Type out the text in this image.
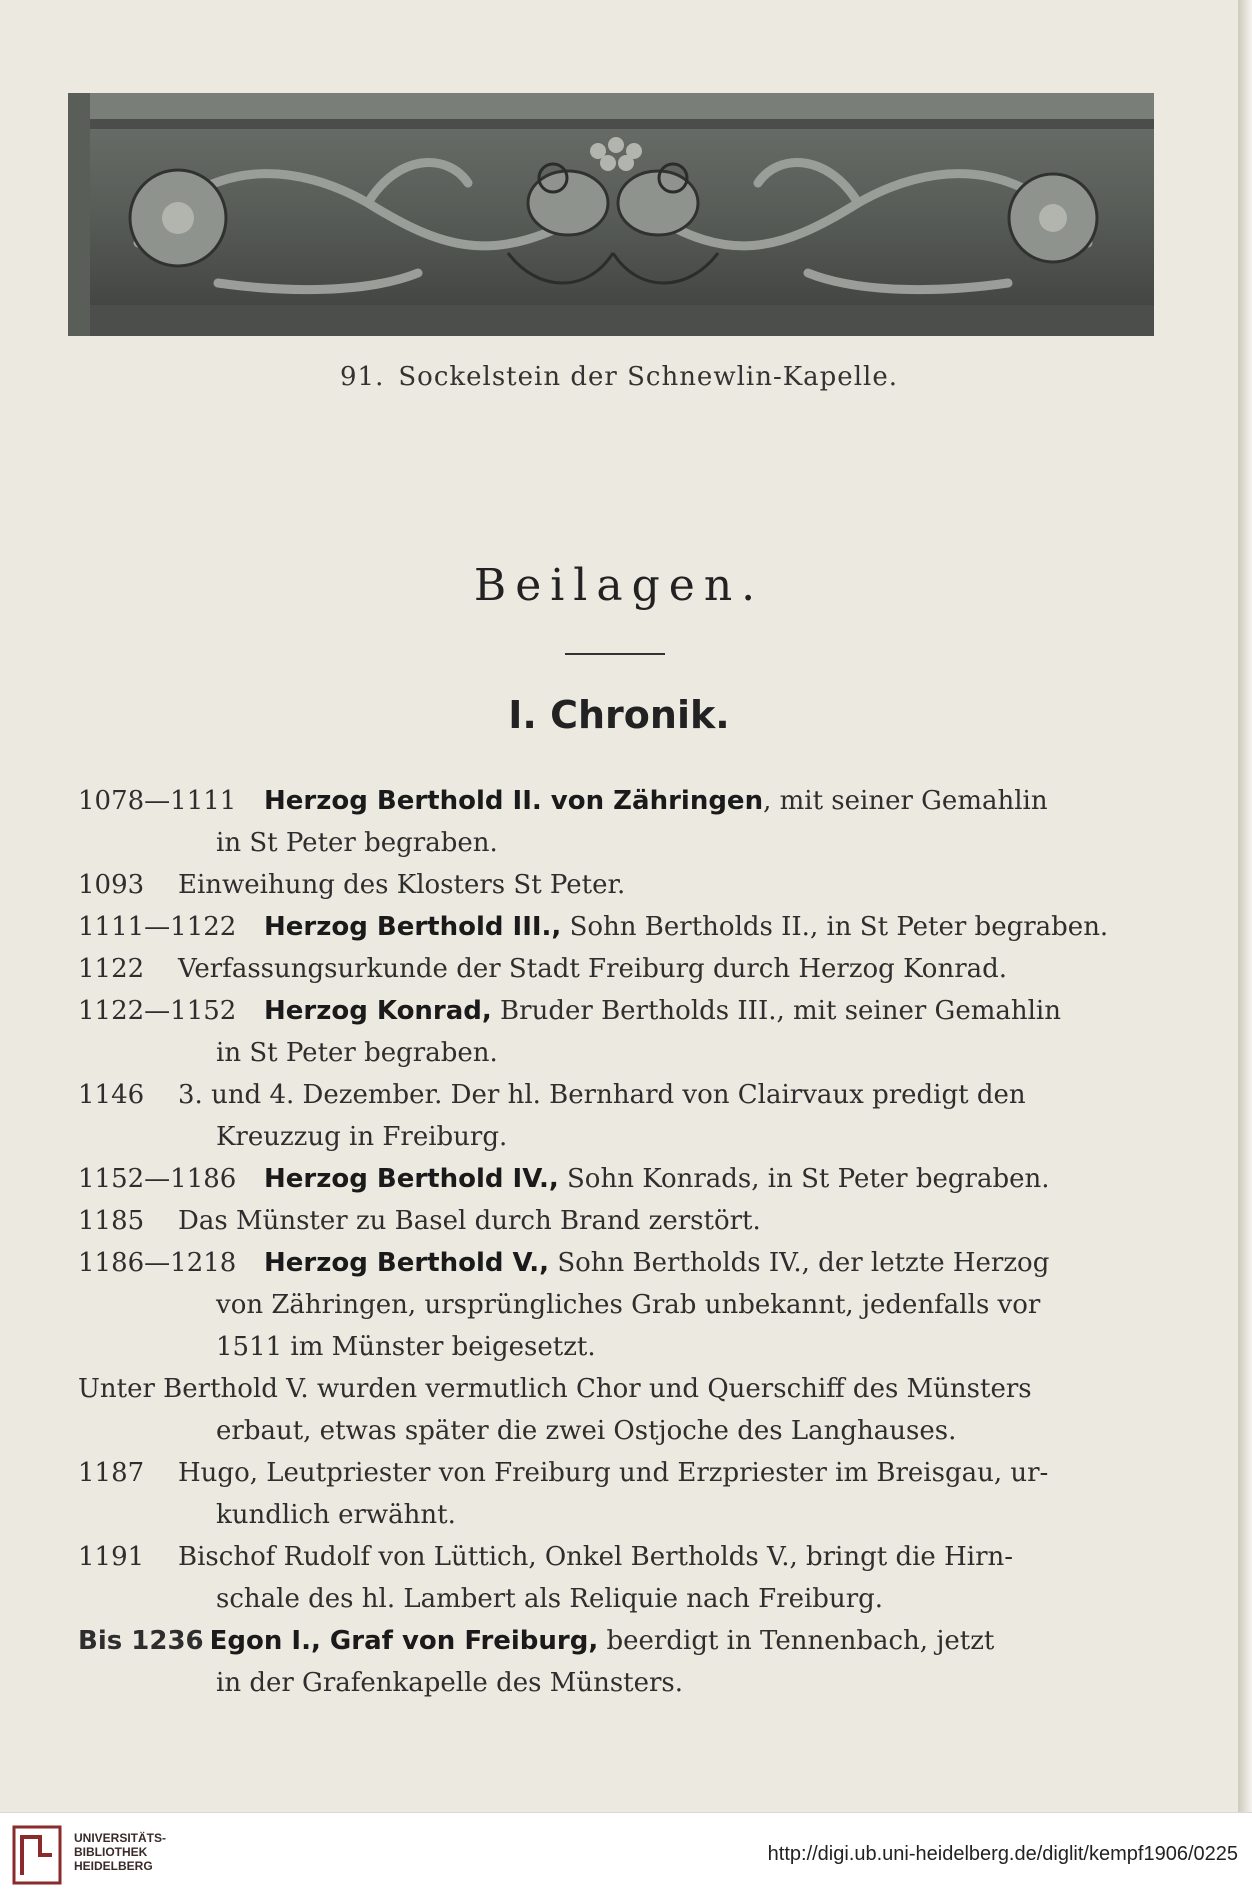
91. Sockelstein der Schnewlin-Kapelle.
Beilagen.
I. Chronik.
1078—1111 Herzog Berthold II. von Zähringen, mit seiner Gemahlin
in St Peter begraben.
1093 Einweihung des Klosters St Peter.
1111—1122 Herzog Berthold III., Sohn Bertholds II., in St Peter begraben.
1122 Verfassungsurkunde der Stadt Freiburg durch Herzog Konrad.
1122—1152 Herzog Konrad, Bruder Bertholds III., mit seiner Gemahlin
in St Peter begraben.
1146 3. und 4. Dezember. Der hl. Bernhard von Clairvaux predigt den
Kreuzzug in Freiburg.
1152—1186 Herzog Berthold IV., Sohn Konrads, in St Peter begraben.
1185 Das Münster zu Basel durch Brand zerstört.
1186—1218 Herzog Berthold V., Sohn Bertholds IV., der letzte Herzog
von Zähringen, ursprüngliches Grab unbekannt, jedenfalls vor
1511 im Münster beigesetzt.
Unter Berthold V. wurden vermutlich Chor und Querschiff des Münsters
erbaut, etwas später die zwei Ostjoche des Langhauses.
1187 Hugo, Leutpriester von Freiburg und Erzpriester im Breisgau, ur-
kundlich erwähnt.
1191 Bischof Rudolf von Lüttich, Onkel Bertholds V., bringt die Hirn-
schale des hl. Lambert als Reliquie nach Freiburg.
Bis 1236 Egon I., Graf von Freiburg, beerdigt in Tennenbach, jetzt
in der Grafenkapelle des Münsters.
UNIVERSITÄTS-
BIBLIOTHEK
HEIDELBERG
http://digi.ub.uni-heidelberg.de/diglit/kempf1906/0225
